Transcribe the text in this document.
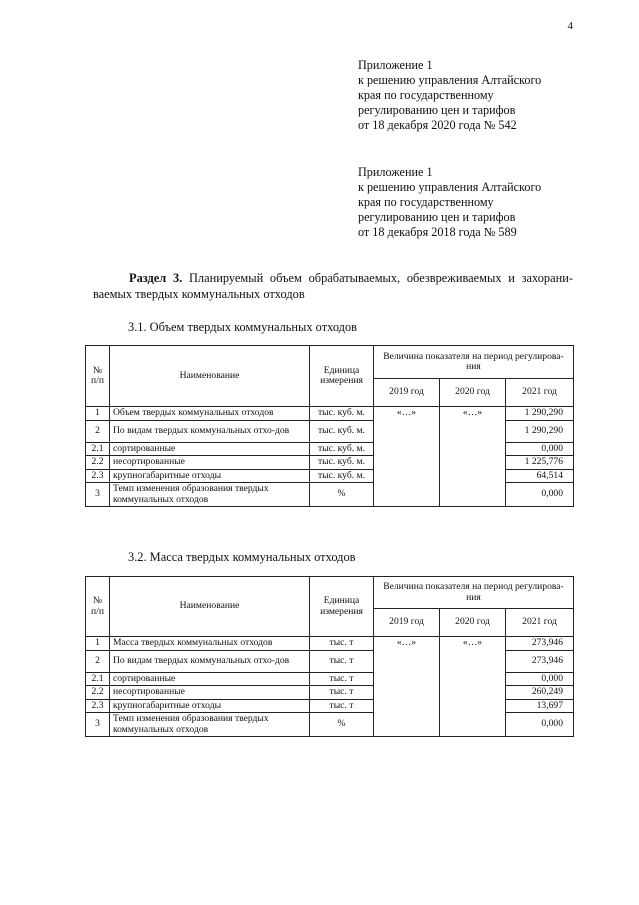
4
Приложение 1
к решению управления Алтайского
края по государственному
регулированию цен и тарифов
от 18 декабря 2020 года № 542
Приложение 1
к решению управления Алтайского
края по государственному
регулированию цен и тарифов
от 18 декабря 2018 года № 589
Раздел 3. Планируемый объем обрабатываемых, обезвреживаемых и захорани-ваемых твердых коммунальных отходов
3.1. Объем твердых коммунальных отходов
№ п/п	Наименование	Единица измерения	Величина показателя на период регулирова-ния		
			2019 год	2020 год	2021 год
1	Объем твердых коммунальных отходов	тыс. куб. м.	«…»	«…»	1 290,290
2	По видам твердых коммунальных отхо-дов	тыс. куб. м.			1 290,290
2.1	сортированные	тыс. куб. м.			0,000
2.2	несортированные	тыс. куб. м.			1 225,776
2.3	крупногабаритные отходы	тыс. куб. м.			64,514
3	Темп изменения образования твердых коммунальных отходов	%			0,000
3.2. Масса твердых коммунальных отходов
№ п/п	Наименование	Единица измерения	Величина показателя на период регулирова-ния		
			2019 год	2020 год	2021 год
1	Масса твердых коммунальных отходов	тыс. т	«…»	«…»	273,946
2	По видам твердых коммунальных отхо-дов	тыс. т			273,946
2.1	сортированные	тыс. т			0,000
2.2	несортированные	тыс. т			260,249
2.3	крупногабаритные отходы	тыс. т			13,697
3	Темп изменения образования твердых коммунальных отходов	%			0,000
